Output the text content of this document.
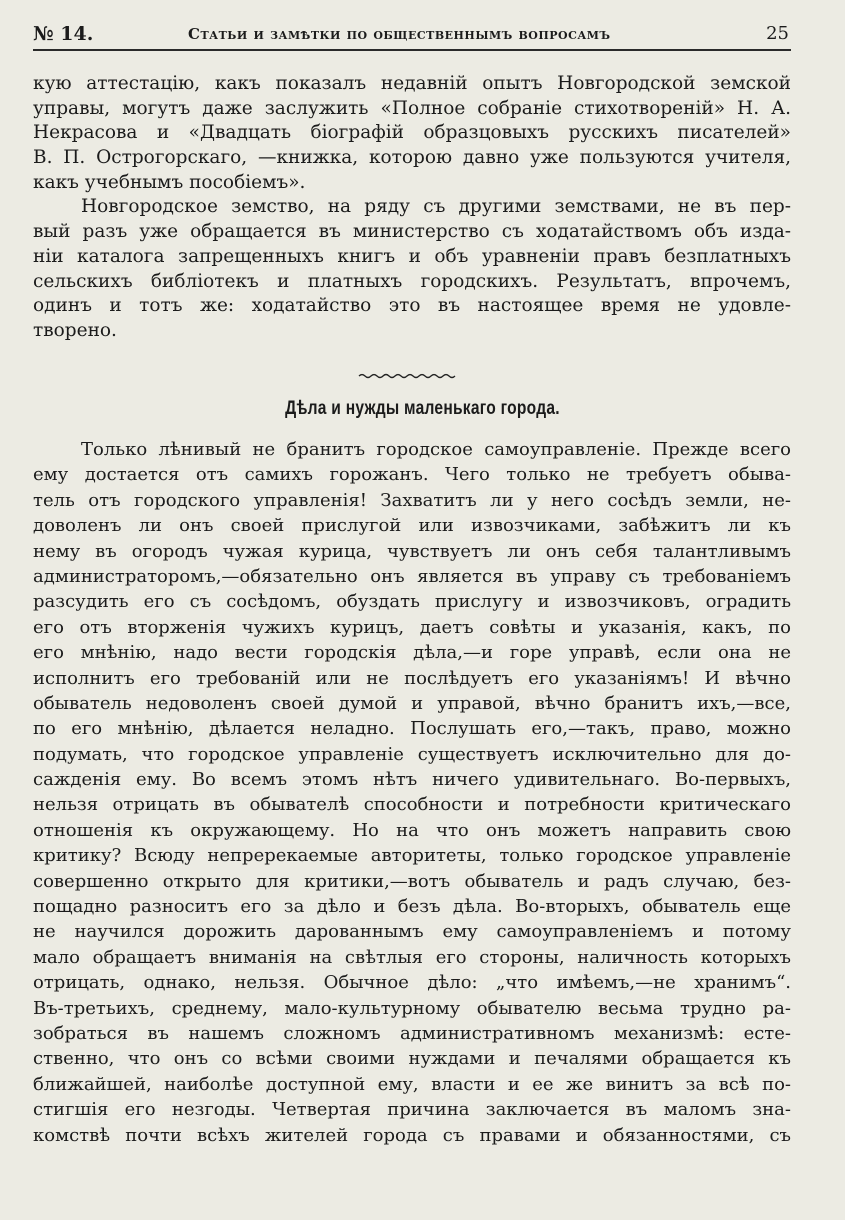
№ 14.	Статьи и замѣтки по общественнымъ вопросамъ	25
кую аттестацію, какъ показалъ недавній опытъ Новгородской земской
управы, могутъ даже заслужить «Полное собраніе стихотвореній» Н. А.
Некрасова и «Двадцать біографій образцовыхъ русскихъ писателей»
В. П. Острогорскаго, —книжка, которою давно уже пользуются учителя,
какъ учебнымъ пособіемъ».
Новгородское земство, на ряду съ другими земствами, не въ пер-
вый разъ уже обращается въ министерство съ ходатайствомъ объ изда-
ніи каталога запрещенныхъ книгъ и объ уравненіи правъ безплатныхъ
сельскихъ библіотекъ и платныхъ городскихъ. Результатъ, впрочемъ,
одинъ и тотъ же: ходатайство это въ настоящее время не удовле-
творено.
Дѣла и нужды маленькаго города.
Только лѣнивый не бранитъ городское самоуправленіе. Прежде всего
ему достается отъ самихъ горожанъ. Чего только не требуетъ обыва-
тель отъ городского управленія! Захватитъ ли у него сосѣдъ земли, не-
доволенъ ли онъ своей прислугой или извозчиками, забѣжитъ ли къ
нему въ огородъ чужая курица, чувствуетъ ли онъ себя талантливымъ
администраторомъ,—обязательно онъ является въ управу съ требованіемъ
разсудить его съ сосѣдомъ, обуздать прислугу и извозчиковъ, оградить
его отъ вторженія чужихъ курицъ, даетъ совѣты и указанія, какъ, по
его мнѣнію, надо вести городскія дѣла,—и горе управѣ, если она не
исполнитъ его требованій или не послѣдуетъ его указаніямъ! И вѣчно
обыватель недоволенъ своей думой и управой, вѣчно бранитъ ихъ,—все,
по его мнѣнію, дѣлается неладно. Послушать его,—такъ, право, можно
подумать, что городское управленіе существуетъ исключительно для до-
сажденія ему. Во всемъ этомъ нѣтъ ничего удивительнаго. Во-первыхъ,
нельзя отрицать въ обывателѣ способности и потребности критическаго
отношенія къ окружающему. Но на что онъ можетъ направить свою
критику? Всюду непререкаемые авторитеты, только городское управленіе
совершенно открыто для критики,—вотъ обыватель и радъ случаю, без-
пощадно разноситъ его за дѣло и безъ дѣла. Во-вторыхъ, обыватель еще
не научился дорожить дарованнымъ ему самоуправленіемъ и потому
мало обращаетъ вниманія на свѣтлыя его стороны, наличность которыхъ
отрицать, однако, нельзя. Обычное дѣло: „что имѣемъ,—не хранимъ“.
Въ-третьихъ, среднему, мало-культурному обывателю весьма трудно ра-
зобраться въ нашемъ сложномъ административномъ механизмѣ: есте-
ственно, что онъ со всѣми своими нуждами и печалями обращается къ
ближайшей, наиболѣе доступной ему, власти и ее же винитъ за всѣ по-
стигшія его незгоды. Четвертая причина заключается въ маломъ зна-
комствѣ почти всѣхъ жителей города съ правами и обязанностями, съ
